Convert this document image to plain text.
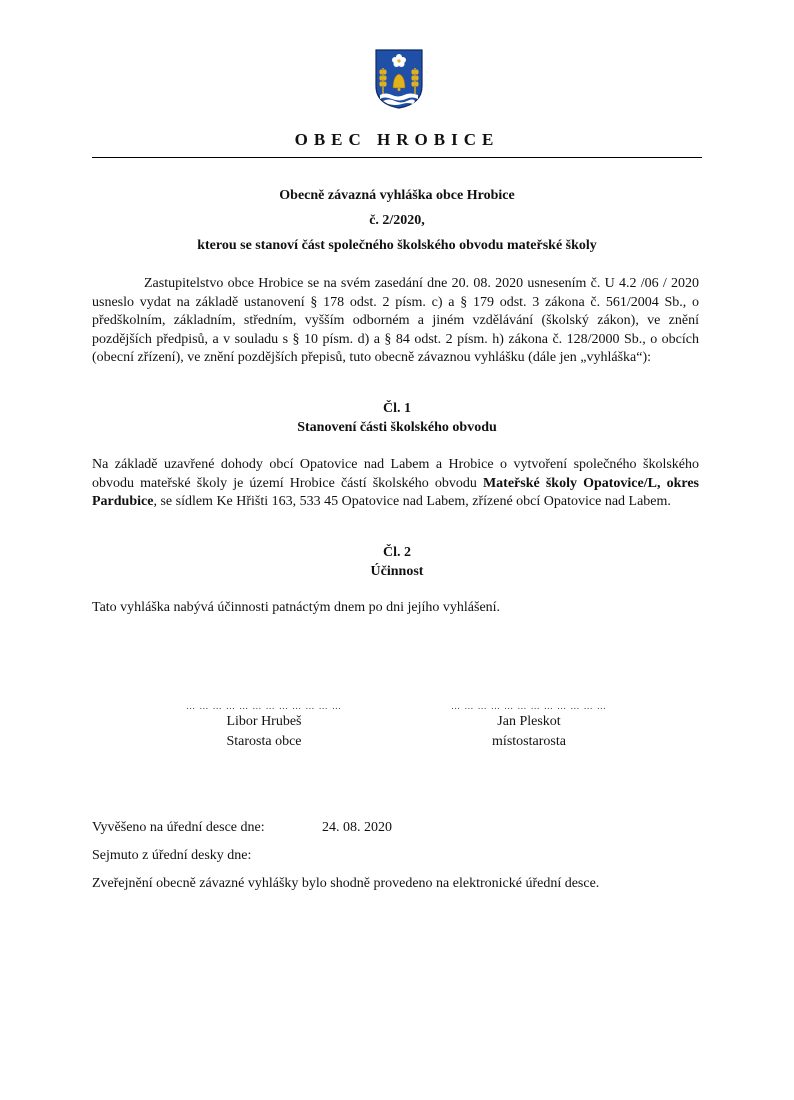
OBEC HROBICE
Obecně závazná vyhláška obce Hrobice
č. 2/2020,
kterou se stanoví část společného školského obvodu mateřské školy
Zastupitelstvo obce Hrobice se na svém zasedání dne 20. 08. 2020 usnesením č. U 4.2 /06 / 2020 usneslo vydat na základě ustanovení § 178 odst. 2 písm. c) a § 179 odst. 3 zákona č. 561/2004 Sb., o předškolním, základním, středním, vyšším odborném a jiném vzdělávání (školský zákon), ve znění pozdějších předpisů, a v souladu s § 10 písm. d) a § 84 odst. 2 písm. h) zákona č. 128/2000 Sb., o obcích (obecní zřízení), ve znění pozdějších přepisů, tuto obecně závaznou vyhlášku (dále jen „vyhláška“):
Čl. 1
Stanovení části školského obvodu
Na základě uzavřené dohody obcí Opatovice nad Labem a Hrobice o vytvoření společného školského obvodu mateřské školy je území Hrobice částí školského obvodu Mateřské školy Opatovice/L, okres Pardubice, se sídlem Ke Hřišti 163, 533 45 Opatovice nad Labem, zřízené obcí Opatovice nad Labem.
Čl. 2
Účinnost
Tato vyhláška nabývá účinnosti patnáctým dnem po dni jejího vyhlášení.
… … … … … … … … … … … …
Libor Hrubeš
Starosta obce
… … … … … … … … … … … …
Jan Pleskot
místostarosta
Vyvěšeno na úřední desce dne:	24. 08. 2020
Sejmuto z úřední desky dne:
Zveřejnění obecně závazné vyhlášky bylo shodně provedeno na elektronické úřední desce.
